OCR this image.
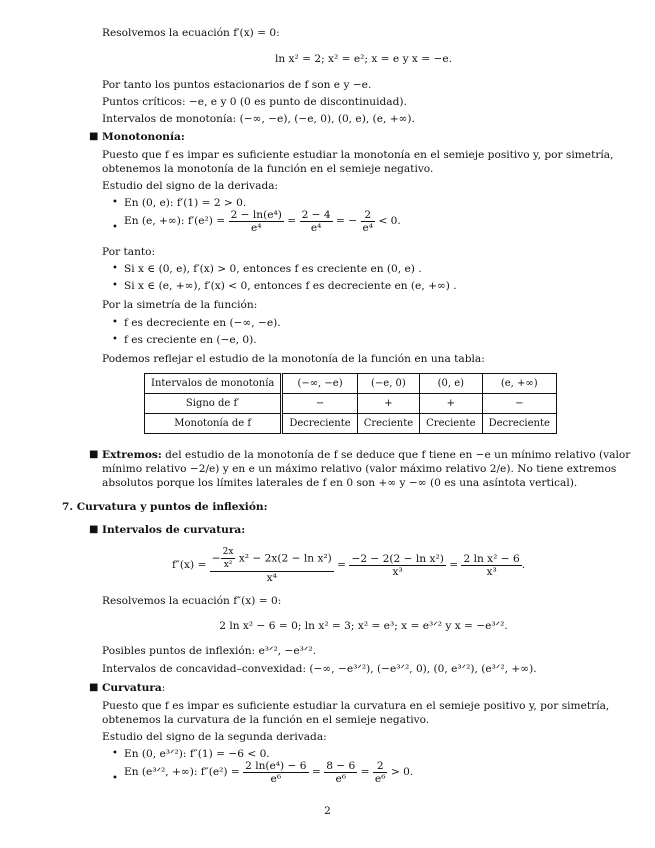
Resolvemos la ecuación f′(x) = 0:
ln x² = 2; x² = e²; x = e y x = −e.
Por tanto los puntos estacionarios de f son e y −e.
Puntos críticos: −e, e y 0 (0 es punto de discontinuidad).
Intervalos de monotonía: (−∞, −e), (−e, 0), (0, e), (e, +∞).
■ Monotononía:
Puesto que f es impar es suficiente estudiar la monotonía en el semieje positivo y, por simetría,
obtenemos la monotonía de la función en el semieje negativo.
Estudio del signo de la derivada:
• En (0, e): f′(1) = 2 > 0.
•
En (e, +∞): $f'(e^2) = \frac{\text{2 − ln(e⁴)}}{\text{e⁴}} = \frac{2 - 4}{\text{e⁴}}$ = − $\frac{2}{\text{e⁴}} < 0$.
Por tanto:
• Si x ∈ (0, e), f′(x) > 0, entonces f es creciente en (0, e) .
• Si x ∈ (e, +∞), f′(x) < 0, entonces f es decreciente en (e, +∞) .
Por la simetría de la función:
• f es decreciente en (−∞, −e).
• f es creciente en (−e, 0).
Podemos reflejar el estudio de la monotonía de la función en una tabla:
Intervalos de monotonía	(−∞, −e)	(−e, 0)	(0, e)	(e, +∞)
Signo de f′	−	+	+	−
Monotonía de f	Decreciente	Creciente	Creciente	Decreciente
■ Extremos: del estudio de la monotonía de f se deduce que f tiene en −e un mínimo relativo (valor
mínimo relativo −2/e) y en e un máximo relativo (valor máximo relativo 2/e). No tiene extremos
absolutos porque los límites laterales de f en 0 son +∞ y −∞ (0 es una asíntota vertical).
7. Curvatura y puntos de inflexión:
■ Intervalos de curvatura:
$f''(x) = \frac{- \frac{2x}{\text{x²}} x^2 - 2x(2 - \ln x^2)}{\text{x⁴}} = \frac{\text{−2 − 2(2 − ln x²)}}{\text{x³}} = \frac{\text{2 ln x² − 6}}{\text{x³}}$ .
Resolvemos la ecuación f″(x) = 0:
2 ln x² − 6 = 0; ln x² = 3; x² = e³; x = e³ᐟ² y x = −e³ᐟ².
Posibles puntos de inflexión: e³ᐟ², −e³ᐟ².
Intervalos de concavidad–convexidad: (−∞, −e³ᐟ²), (−e³ᐟ², 0), (0, e³ᐟ²), (e³ᐟ², +∞).
■ Curvatura:
Puesto que f es impar es suficiente estudiar la curvatura en el semieje positivo y, por simetría,
obtenemos la curvatura de la función en el semieje negativo.
Estudio del signo de la segunda derivada:
• En (0, e³ᐟ²): f″(1) = −6 < 0.
•
En (e³ᐟ², +∞): $f''(e^2) = \frac{\text{2 ln(e⁴) − 6}}{\text{e⁶}} = \frac{8 - 6}{\text{e⁶}} = \frac{2}{\text{e⁶}} > 0$.
2
